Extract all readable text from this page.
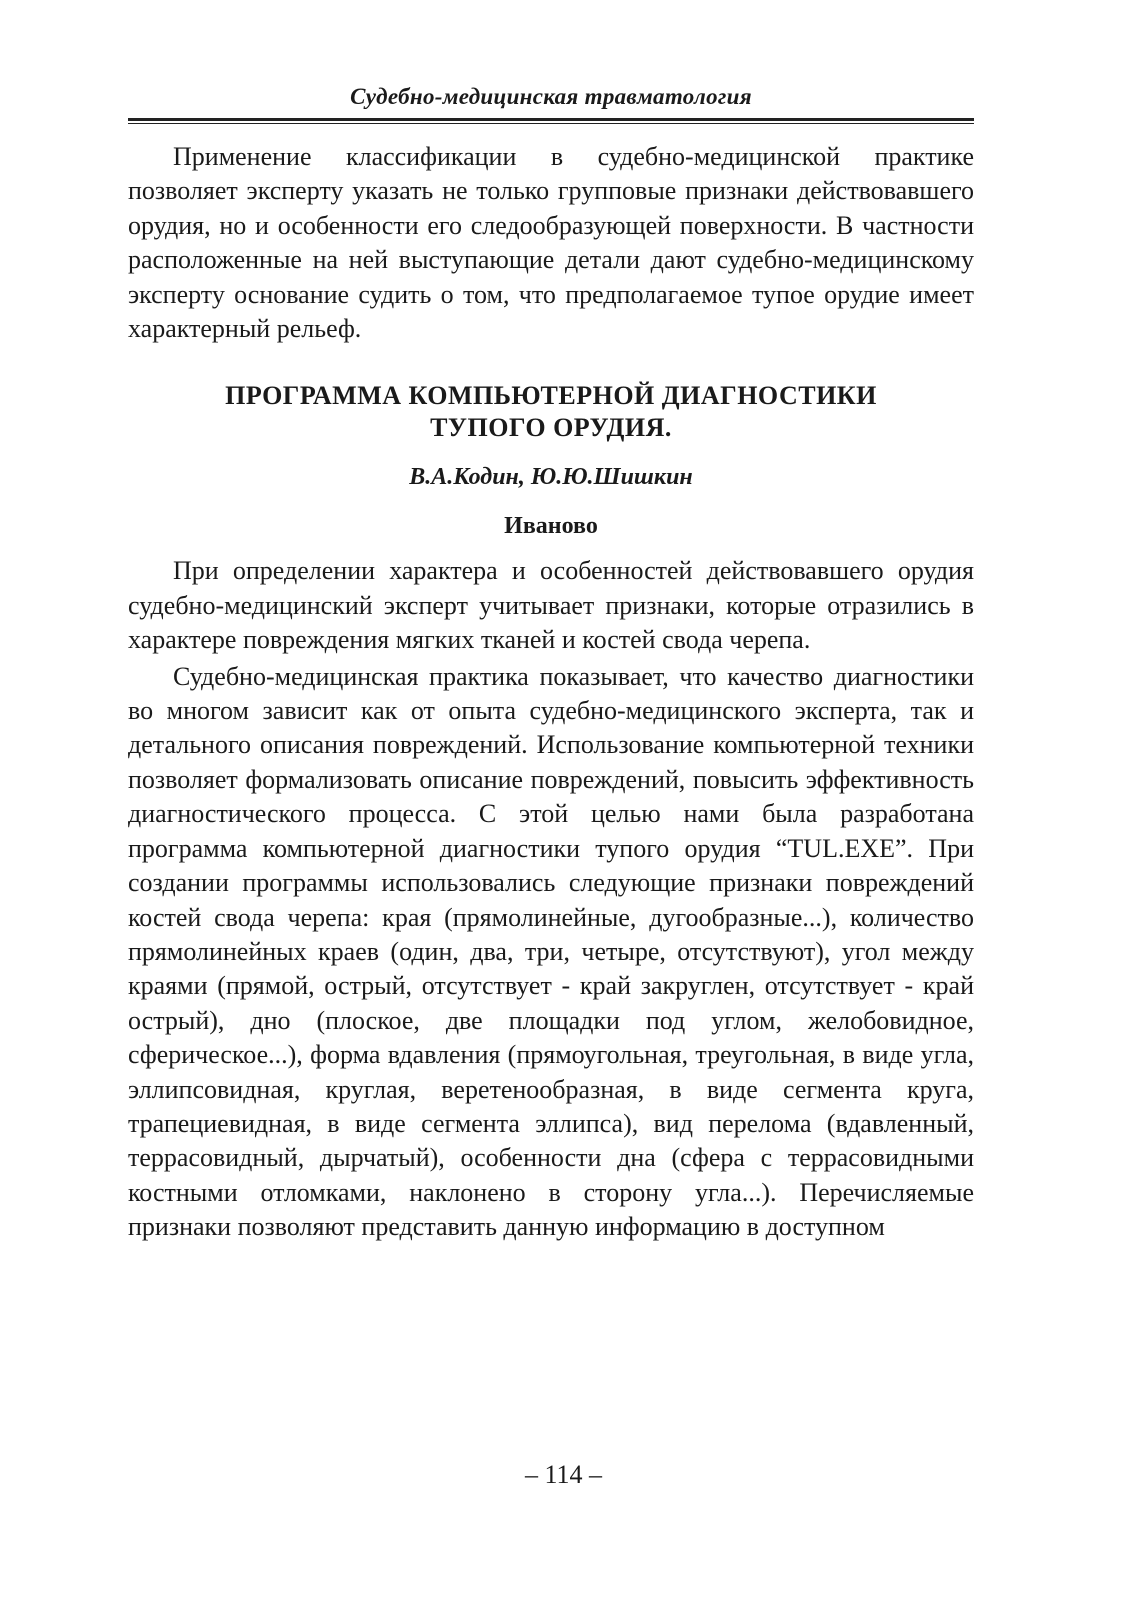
Судебно-медицинская травматология

Применение классификации в судебно-медицинской практике позволяет эксперту указать не только групповые признаки действовавшего орудия, но и особенности его следообразующей поверхности. В частности расположенные на ней выступающие детали дают судебно-медицинскому эксперту основание судить о том, что предполагаемое тупое орудие имеет характерный рельеф.

ПРОГРАММА КОМПЬЮТЕРНОЙ ДИАГНОСТИКИ
ТУПОГО ОРУДИЯ.
В.А.Кодин, Ю.Ю.Шишкин
Иваново

При определении характера и особенностей действовавшего орудия судебно-медицинский эксперт учитывает признаки, которые отразились в характере повреждения мягких тканей и костей свода черепа.

Судебно-медицинская практика показывает, что качество диагностики во многом зависит как от опыта судебно-медицинского эксперта, так и детального описания повреждений. Использование компьютерной техники позволяет формализовать описание повреждений, повысить эффективность диагностического процесса. С этой целью нами была разработана программа компьютерной диагностики тупого орудия “TUL.EXE”. При создании программы использовались следующие признаки повреждений костей свода черепа: края (прямолинейные, дугообразные...), количество прямолинейных краев (один, два, три, четыре, отсутствуют), угол между краями (прямой, острый, отсутствует - край закруглен, отсутствует - край острый), дно (плоское, две площадки под углом, желобовидное, сферическое...), форма вдавления (прямоугольная, треугольная, в виде угла, эллипсовидная, круглая, веретенообразная, в виде сегмента круга, трапециевидная, в виде сегмента эллипса), вид перелома (вдавленный, террасовидный, дырчатый), особенности дна (сфера с террасовидными костными отломками, наклонено в сторону угла...). Перечисляемые признаки позволяют представить данную информацию в доступном

– 114 –
